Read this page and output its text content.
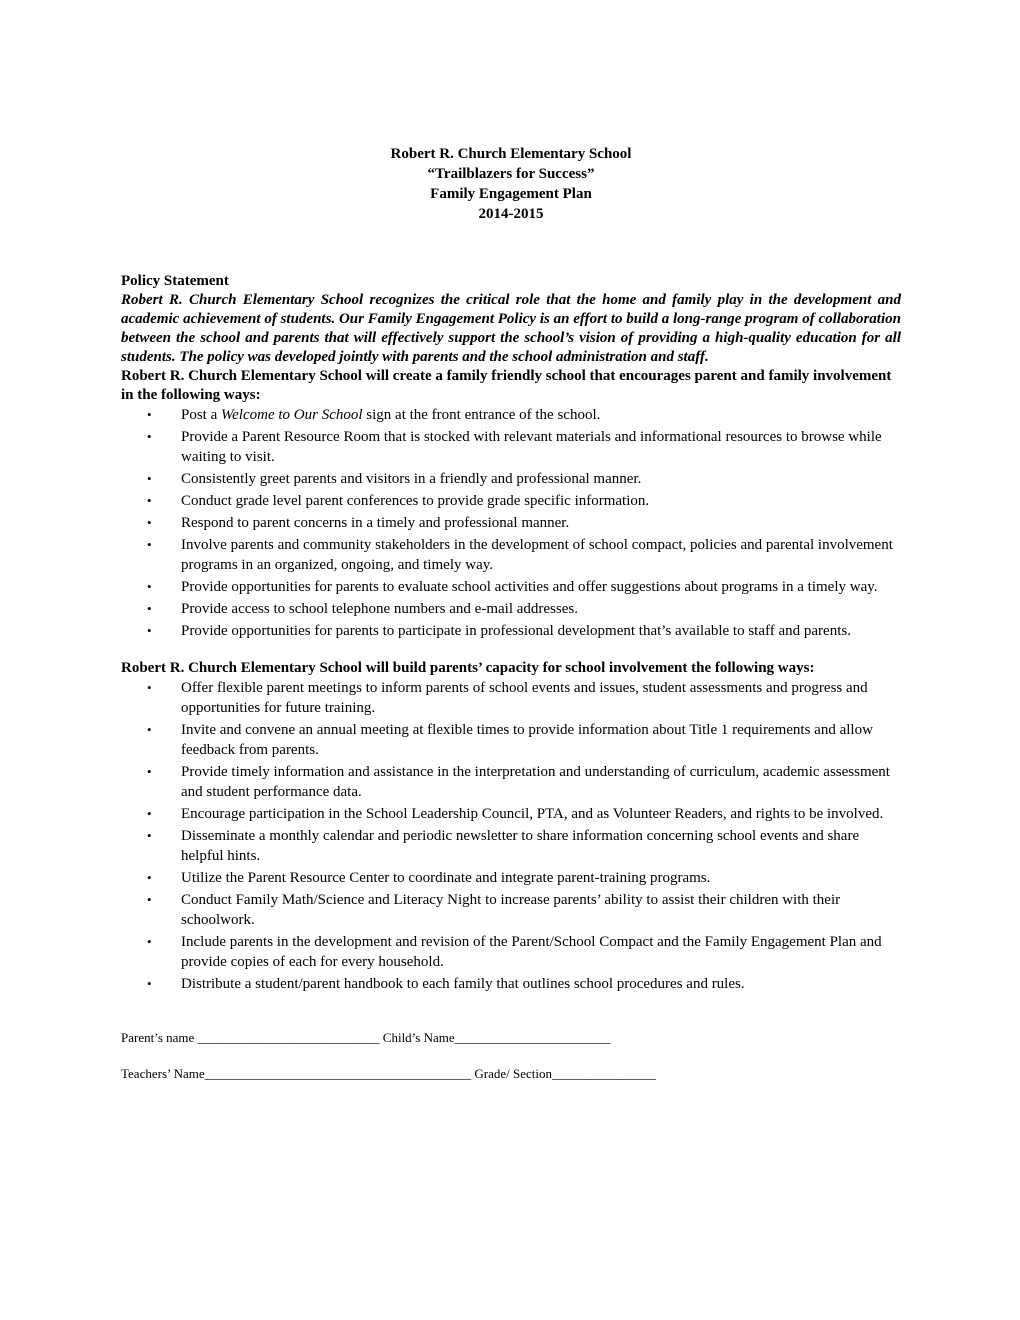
Robert R. Church Elementary School
“Trailblazers for Success”
Family Engagement Plan
2014-2015
Policy Statement
Robert R. Church Elementary School recognizes the critical role that the home and family play in the development and academic achievement of students. Our Family Engagement Policy is an effort to build a long-range program of collaboration between the school and parents that will effectively support the school’s vision of providing a high-quality education for all students. The policy was developed jointly with parents and the school administration and staff.
Robert R. Church Elementary School will create a family friendly school that encourages parent and family involvement in the following ways:
• Post a Welcome to Our School sign at the front entrance of the school.
• Provide a Parent Resource Room that is stocked with relevant materials and informational resources to browse while waiting to visit.
• Consistently greet parents and visitors in a friendly and professional manner.
• Conduct grade level parent conferences to provide grade specific information.
• Respond to parent concerns in a timely and professional manner.
• Involve parents and community stakeholders in the development of school compact, policies and parental involvement programs in an organized, ongoing, and timely way.
• Provide opportunities for parents to evaluate school activities and offer suggestions about programs in a timely way.
• Provide access to school telephone numbers and e-mail addresses.
• Provide opportunities for parents to participate in professional development that’s available to staff and parents.
Robert R. Church Elementary School will build parents’ capacity for school involvement the following ways:
• Offer flexible parent meetings to inform parents of school events and issues, student assessments and progress and opportunities for future training.
• Invite and convene an annual meeting at flexible times to provide information about Title 1 requirements and allow feedback from parents.
• Provide timely information and assistance in the interpretation and understanding of curriculum, academic assessment and student performance data.
• Encourage participation in the School Leadership Council, PTA, and as Volunteer Readers, and rights to be involved.
• Disseminate a monthly calendar and periodic newsletter to share information concerning school events and share helpful hints.
• Utilize the Parent Resource Center to coordinate and integrate parent-training programs.
• Conduct Family Math/Science and Literacy Night to increase parents’ ability to assist their children with their schoolwork.
• Include parents in the development and revision of the Parent/School Compact and the Family Engagement Plan and provide copies of each for every household.
• Distribute a student/parent handbook to each family that outlines school procedures and rules.
Parent’s name ____________________________ Child’s Name________________________
Teachers’ Name_________________________________________ Grade/ Section________________
